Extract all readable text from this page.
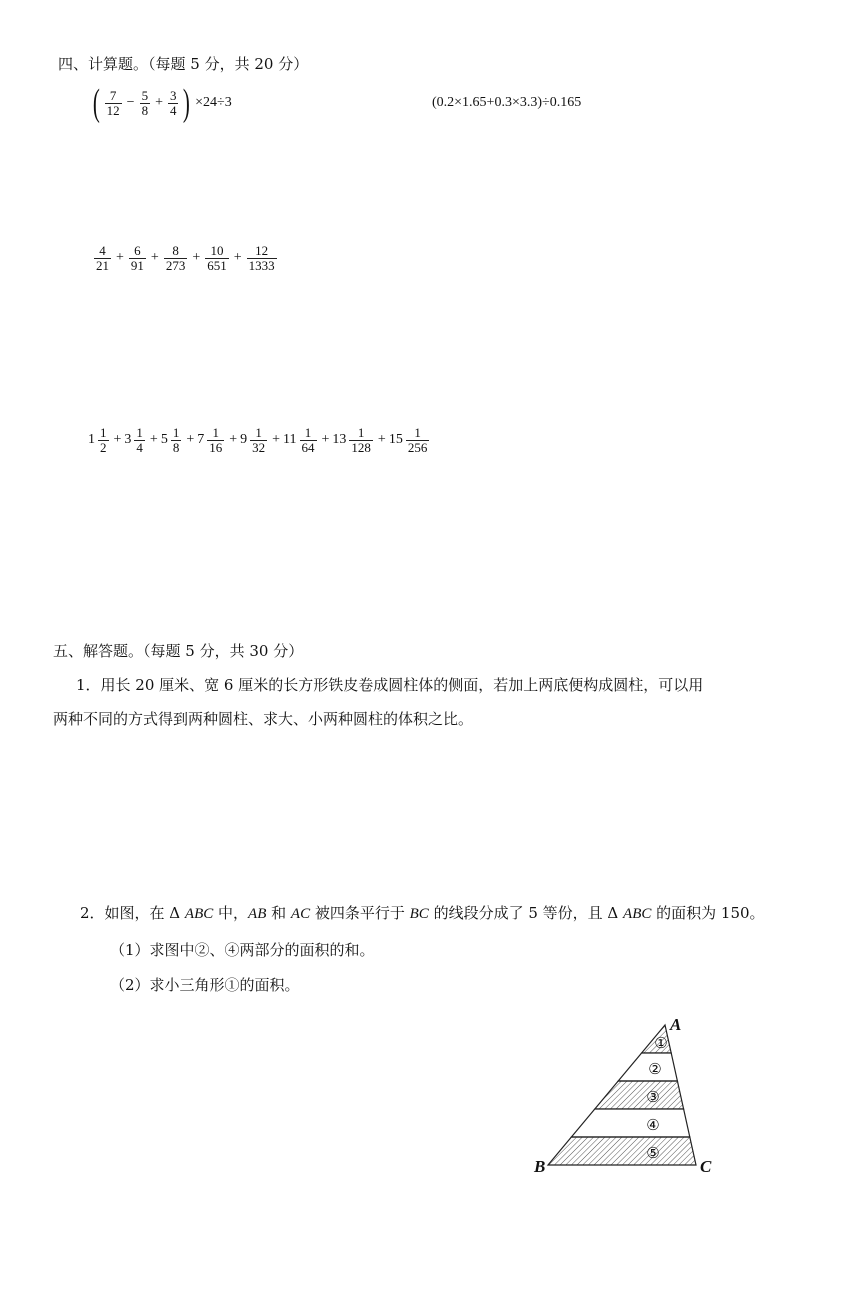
四、计算题。（每题 5 分，共 20 分）
( $\frac{7}{12} - \frac{5}{8} + \frac{3}{4}$ ) ×24÷3	(0.2×1.65+0.3×3.3)÷0.165
$\frac{4}{21} + \frac{6}{91} + \frac{8}{273} + \frac{10}{651} + \frac{12}{1333}$
$1 \frac{1}{2} + 3 \frac{1}{4} + 5 \frac{1}{8} + 7 \frac{1}{16} + 9 \frac{1}{32} + 11 \frac{1}{64} + 13 \frac{1}{128} + 15 \frac{1}{256}$
五、解答题。（每题 5 分，共 30 分）
1．用长 20 厘米、宽 6 厘米的长方形铁皮卷成圆柱体的侧面，若加上两底便构成圆柱，可以用
两种不同的方式得到两种圆柱、求大、小两种圆柱的体积之比。
2．如图，在 Δ ABC 中，AB 和 AC 被四条平行于 BC 的线段分成了 5 等份，且 Δ ABC 的面积为 150。
（1）求图中②、④两部分的面积的和。
（2）求小三角形①的面积。
①
②
③
④
⑤
A
B	C
